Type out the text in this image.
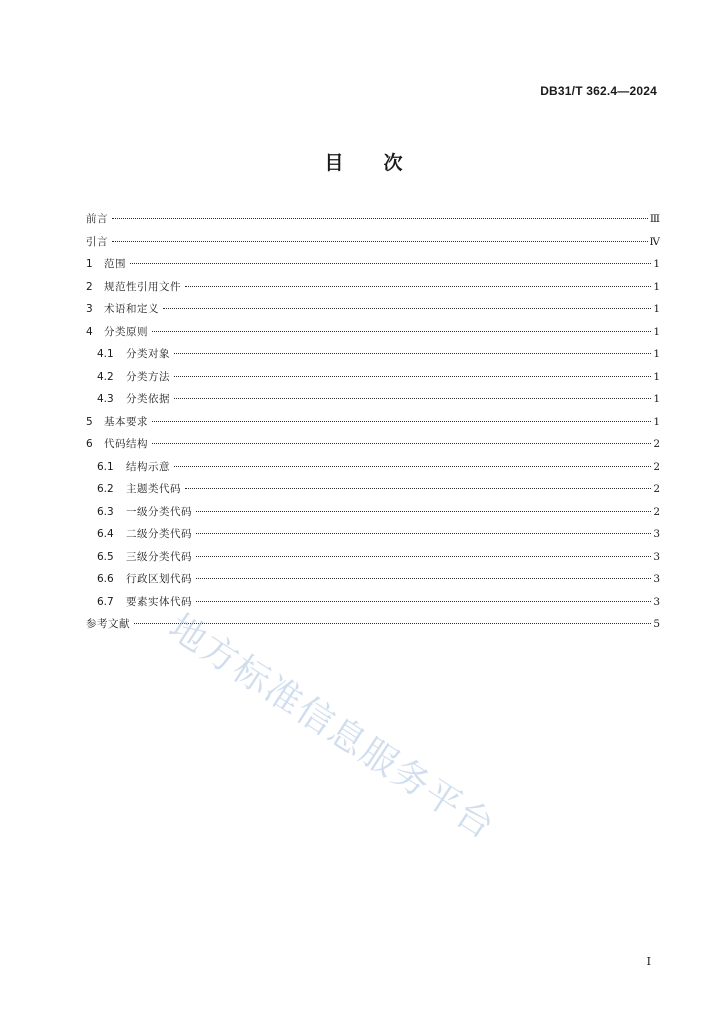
DB31/T 362.4—2024
目次
前言	Ⅲ
引言	Ⅳ
1	范围	1
2	规范性引用文件	1
3	术语和定义	1
4	分类原则	1
4.1	分类对象	1
4.2	分类方法	1
4.3	分类依据	1
5	基本要求	1
6	代码结构	2
6.1	结构示意	2
6.2	主题类代码	2
6.3	一级分类代码	2
6.4	二级分类代码	3
6.5	三级分类代码	3
6.6	行政区划代码	3
6.7	要素实体代码	3
参考文献	5
地方标准信息服务平台
I
